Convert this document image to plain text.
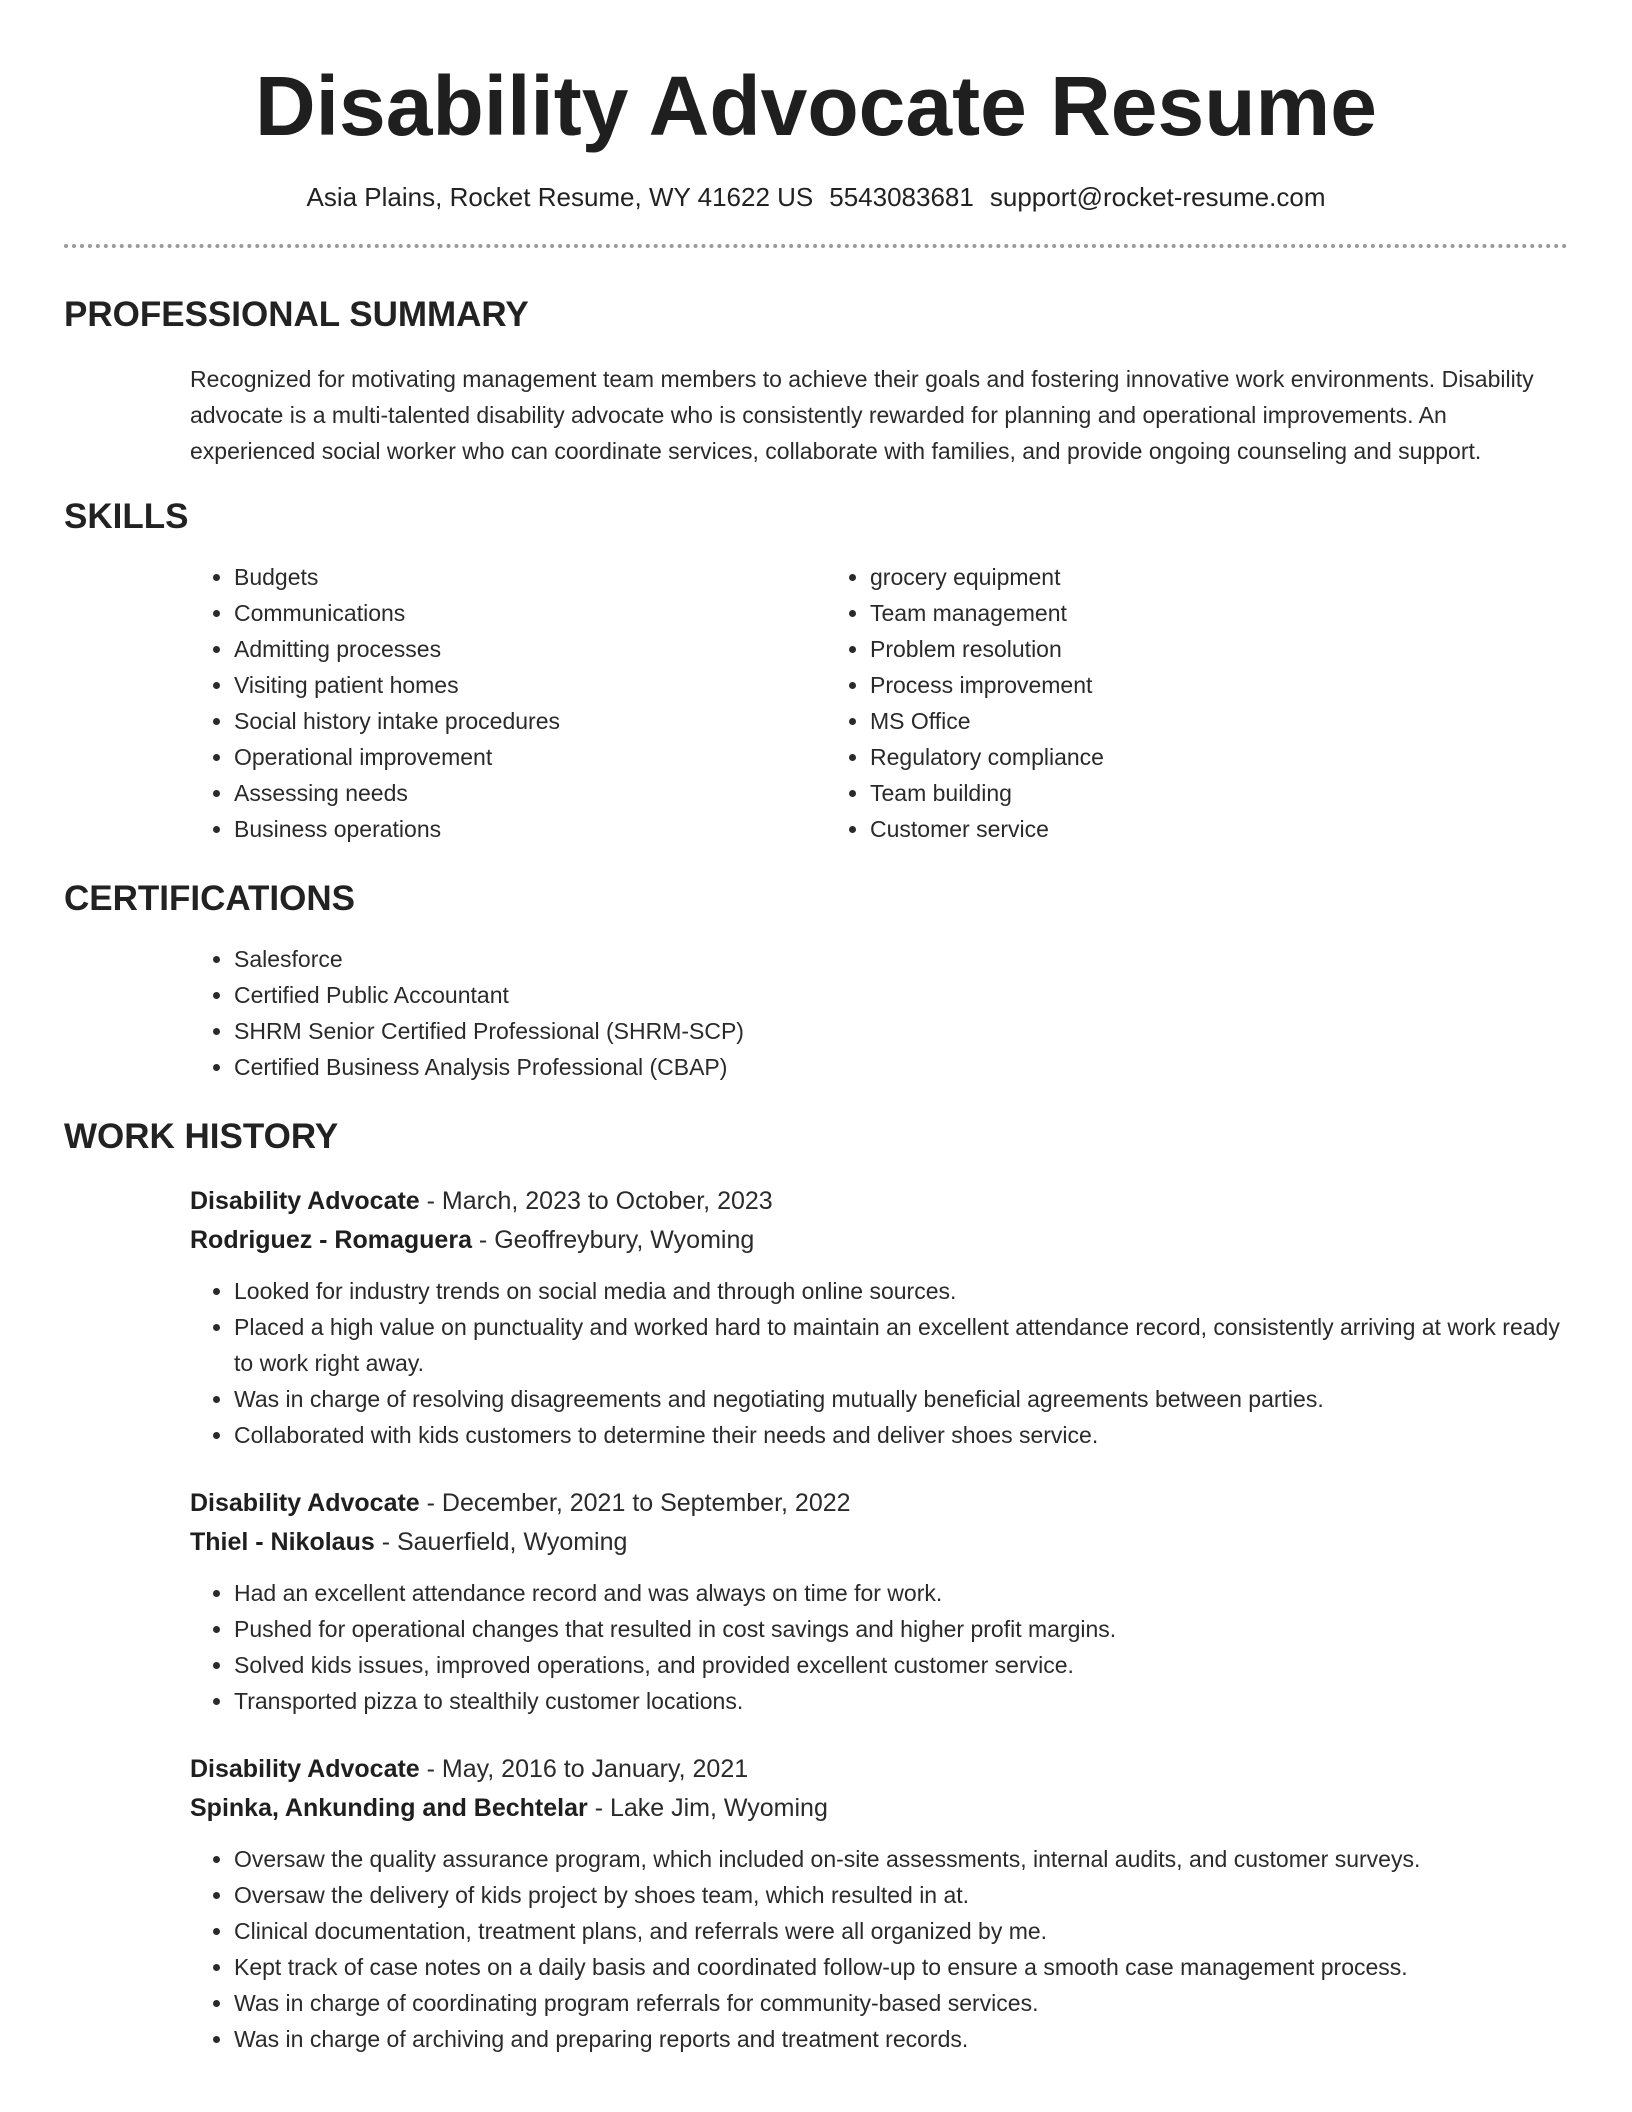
Disability Advocate Resume
Asia Plains, Rocket Resume, WY 41622 US 5543083681 support@rocket-resume.com
PROFESSIONAL SUMMARY

Recognized for motivating management team members to achieve their goals and fostering innovative work environments. Disability advocate is a multi-talented disability advocate who is consistently rewarded for planning and operational improvements. An experienced social worker who can coordinate services, collaborate with families, and provide ongoing counseling and support.

SKILLS
• Budgets
• Communications
• Admitting processes
• Visiting patient homes
• Social history intake procedures
• Operational improvement
• Assessing needs
• Business operations
• grocery equipment
• Team management
• Problem resolution
• Process improvement
• MS Office
• Regulatory compliance
• Team building
• Customer service
CERTIFICATIONS
• Salesforce
• Certified Public Accountant
• SHRM Senior Certified Professional (SHRM-SCP)
• Certified Business Analysis Professional (CBAP)
WORK HISTORY
Disability Advocate - March, 2023 to October, 2023
Rodriguez - Romaguera - Geoffreybury, Wyoming
• Looked for industry trends on social media and through online sources.
• Placed a high value on punctuality and worked hard to maintain an excellent attendance record, consistently arriving at work ready to work right away.
• Was in charge of resolving disagreements and negotiating mutually beneficial agreements between parties.
• Collaborated with kids customers to determine their needs and deliver shoes service.
Disability Advocate - December, 2021 to September, 2022
Thiel - Nikolaus - Sauerfield, Wyoming
• Had an excellent attendance record and was always on time for work.
• Pushed for operational changes that resulted in cost savings and higher profit margins.
• Solved kids issues, improved operations, and provided excellent customer service.
• Transported pizza to stealthily customer locations.
Disability Advocate - May, 2016 to January, 2021
Spinka, Ankunding and Bechtelar - Lake Jim, Wyoming
• Oversaw the quality assurance program, which included on-site assessments, internal audits, and customer surveys.
• Oversaw the delivery of kids project by shoes team, which resulted in at.
• Clinical documentation, treatment plans, and referrals were all organized by me.
• Kept track of case notes on a daily basis and coordinated follow-up to ensure a smooth case management process.
• Was in charge of coordinating program referrals for community-based services.
• Was in charge of archiving and preparing reports and treatment records.
